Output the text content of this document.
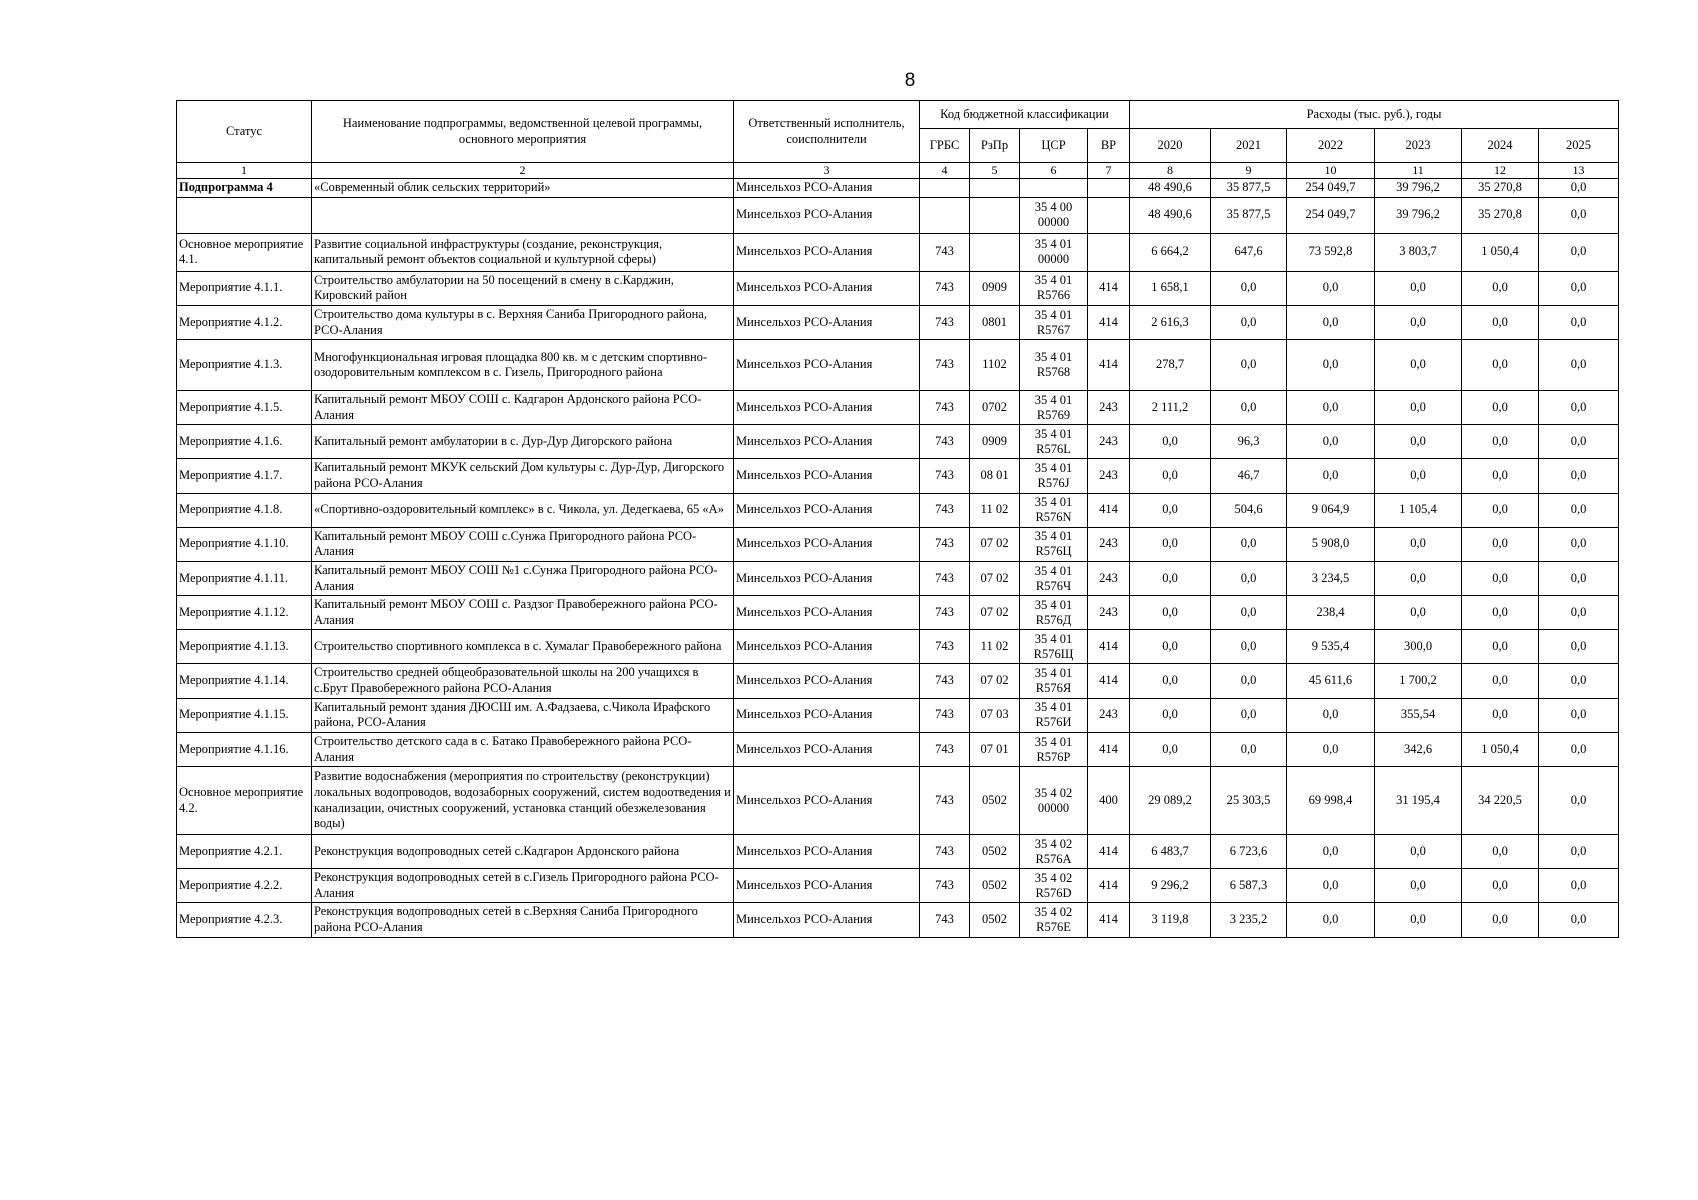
8
Статус	Наименование подпрограммы, ведомственной целевой программы, основного мероприятия	Ответственный исполнитель, соисполнители	Код бюджетной классификации				Расходы (тыс. руб.), годы					
			ГРБС	РзПр	ЦСР	ВР	2020	2021	2022	2023	2024	2025
1	2	3	4	5	6	7	8	9	10	11	12	13
Подпрограмма 4	«Современный облик сельских территорий»	Минсельхоз РСО-Алания					48 490,6	35 877,5	254 049,7	39 796,2	35 270,8	0,0
		Минсельхоз РСО-Алания			35 4 00 00000		48 490,6	35 877,5	254 049,7	39 796,2	35 270,8	0,0
Основное мероприятие 4.1.	Развитие социальной инфраструктуры (создание, реконструкция, капитальный ремонт объектов социальной и культурной сферы)	Минсельхоз РСО-Алания	743		35 4 01 00000		6 664,2	647,6	73 592,8	3 803,7	1 050,4	0,0
Мероприятие 4.1.1.	Строительство амбулатории на 50 посещений в смену в с.Карджин, Кировский район	Минсельхоз РСО-Алания	743	0909	35 4 01 R5766	414	1 658,1	0,0	0,0	0,0	0,0	0,0
Мероприятие 4.1.2.	Строительство дома культуры в с. Верхняя Саниба Пригородного района, РСО-Алания	Минсельхоз РСО-Алания	743	0801	35 4 01 R5767	414	2 616,3	0,0	0,0	0,0	0,0	0,0
Мероприятие 4.1.3.	Многофункциональная игровая площадка 800 кв. м с детским спортивно-озодоровительным комплексом в с. Гизель, Пригородного района	Минсельхоз РСО-Алания	743	1102	35 4 01 R5768	414	278,7	0,0	0,0	0,0	0,0	0,0
Мероприятие 4.1.5.	Капитальный ремонт МБОУ СОШ с. Кадгарон Ардонского района РСО-Алания	Минсельхоз РСО-Алания	743	0702	35 4 01 R5769	243	2 111,2	0,0	0,0	0,0	0,0	0,0
Мероприятие 4.1.6.	Капитальный ремонт амбулатории в с. Дур-Дур Дигорского района	Минсельхоз РСО-Алания	743	0909	35 4 01 R576L	243	0,0	96,3	0,0	0,0	0,0	0,0
Мероприятие 4.1.7.	Капитальный ремонт МКУК сельский Дом культуры с. Дур-Дур, Дигорского района РСО-Алания	Минсельхоз РСО-Алания	743	08 01	35 4 01 R576J	243	0,0	46,7	0,0	0,0	0,0	0,0
Мероприятие 4.1.8.	«Спортивно-оздоровительный комплекс» в с. Чикола, ул. Дедегкаева, 65 «А»	Минсельхоз РСО-Алания	743	11 02	35 4 01 R576N	414	0,0	504,6	9 064,9	1 105,4	0,0	0,0
Мероприятие 4.1.10.	Капитальный ремонт МБОУ СОШ с.Сунжа Пригородного района РСО-Алания	Минсельхоз РСО-Алания	743	07 02	35 4 01 R576Ц	243	0,0	0,0	5 908,0	0,0	0,0	0,0
Мероприятие 4.1.11.	Капитальный ремонт МБОУ СОШ №1 с.Сунжа Пригородного района РСО-Алания	Минсельхоз РСО-Алания	743	07 02	35 4 01 R576Ч	243	0,0	0,0	3 234,5	0,0	0,0	0,0
Мероприятие 4.1.12.	Капитальный ремонт МБОУ СОШ с. Раздзог Правобережного района РСО-Алания	Минсельхоз РСО-Алания	743	07 02	35 4 01 R576Д	243	0,0	0,0	238,4	0,0	0,0	0,0
Мероприятие 4.1.13.	Строительство спортивного комплекса в с. Хумалаг Правобережного района	Минсельхоз РСО-Алания	743	11 02	35 4 01 R576Щ	414	0,0	0,0	9 535,4	300,0	0,0	0,0
Мероприятие 4.1.14.	Строительство средней общеобразовательной школы на 200 учащихся в с.Брут Правобережного района РСО-Алания	Минсельхоз РСО-Алания	743	07 02	35 4 01 R576Я	414	0,0	0,0	45 611,6	1 700,2	0,0	0,0
Мероприятие 4.1.15.	Капитальный ремонт здания ДЮСШ им. А.Фадзаева, с.Чикола Ирафского района, РСО-Алания	Минсельхоз РСО-Алания	743	07 03	35 4 01 R576И	243	0,0	0,0	0,0	355,54	0,0	0,0
Мероприятие 4.1.16.	Строительство детского сада в с. Батако Правобережного района РСО-Алания	Минсельхоз РСО-Алания	743	07 01	35 4 01 R576P	414	0,0	0,0	0,0	342,6	1 050,4	0,0
Основное мероприятие 4.2.	Развитие водоснабжения (мероприятия по строительству (реконструкции) локальных водопроводов, водозаборных сооружений, систем водоотведения и канализации, очистных сооружений, установка станций обезжелезования воды)	Минсельхоз РСО-Алания	743	0502	35 4 02 00000	400	29 089,2	25 303,5	69 998,4	31 195,4	34 220,5	0,0
Мероприятие 4.2.1.	Реконструкция водопроводных сетей с.Кадгарон Ардонского района	Минсельхоз РСО-Алания	743	0502	35 4 02 R576A	414	6 483,7	6 723,6	0,0	0,0	0,0	0,0
Мероприятие 4.2.2.	Реконструкция водопроводных сетей в с.Гизель Пригородного района РСО-Алания	Минсельхоз РСО-Алания	743	0502	35 4 02 R576D	414	9 296,2	6 587,3	0,0	0,0	0,0	0,0
Мероприятие 4.2.3.	Реконструкция водопроводных сетей в с.Верхняя Саниба Пригородного района РСО-Алания	Минсельхоз РСО-Алания	743	0502	35 4 02 R576E	414	3 119,8	3 235,2	0,0	0,0	0,0	0,0
